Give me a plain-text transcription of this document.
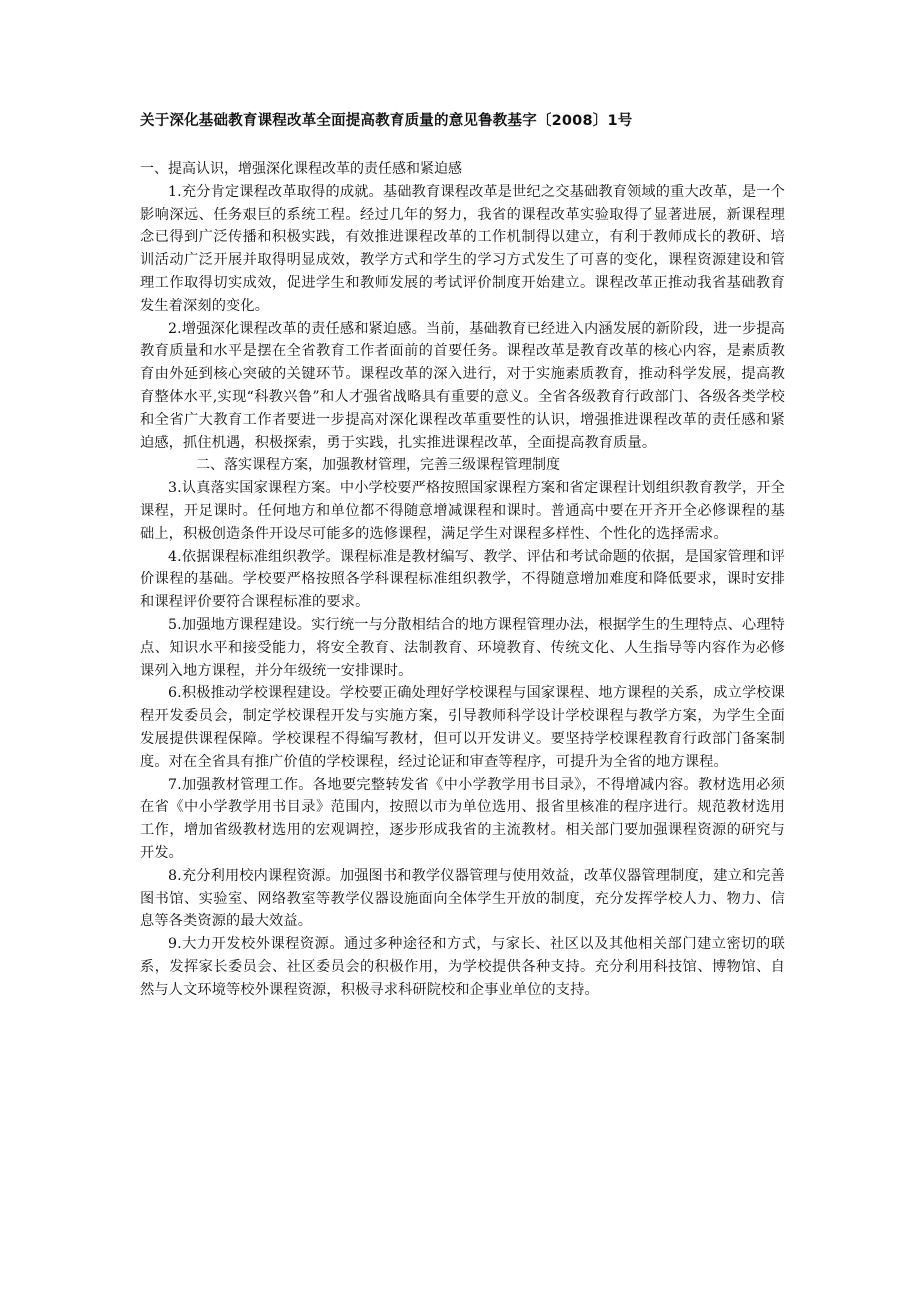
关于深化基础教育课程改革全面提高教育质量的意见鲁教基字〔2008〕1号

一、提高认识，增强深化课程改革的责任感和紧迫感

1.充分肯定课程改革取得的成就。基础教育课程改革是世纪之交基础教育领域的重大改革，是一个影响深远、任务艰巨的系统工程。经过几年的努力，我省的课程改革实验取得了显著进展，新课程理念已得到广泛传播和积极实践，有效推进课程改革的工作机制得以建立，有利于教师成长的教研、培训活动广泛开展并取得明显成效，教学方式和学生的学习方式发生了可喜的变化，课程资源建设和管理工作取得切实成效，促进学生和教师发展的考试评价制度开始建立。课程改革正推动我省基础教育发生着深刻的变化。

2.增强深化课程改革的责任感和紧迫感。当前，基础教育已经进入内涵发展的新阶段，进一步提高教育质量和水平是摆在全省教育工作者面前的首要任务。课程改革是教育改革的核心内容，是素质教育由外延到核心突破的关键环节。课程改革的深入进行，对于实施素质教育，推动科学发展，提高教育整体水平,实现“科教兴鲁”和人才强省战略具有重要的意义。全省各级教育行政部门、各级各类学校和全省广大教育工作者要进一步提高对深化课程改革重要性的认识，增强推进课程改革的责任感和紧迫感，抓住机遇，积极探索，勇于实践，扎实推进课程改革，全面提高教育质量。

二、落实课程方案，加强教材管理，完善三级课程管理制度

3.认真落实国家课程方案。中小学校要严格按照国家课程方案和省定课程计划组织教育教学，开全课程，开足课时。任何地方和单位都不得随意增减课程和课时。普通高中要在开齐开全必修课程的基础上，积极创造条件开设尽可能多的选修课程，满足学生对课程多样性、个性化的选择需求。

4.依据课程标准组织教学。课程标准是教材编写、教学、评估和考试命题的依据，是国家管理和评价课程的基础。学校要严格按照各学科课程标准组织教学，不得随意增加难度和降低要求，课时安排和课程评价要符合课程标准的要求。

5.加强地方课程建设。实行统一与分散相结合的地方课程管理办法，根据学生的生理特点、心理特点、知识水平和接受能力，将安全教育、法制教育、环境教育、传统文化、人生指导等内容作为必修课列入地方课程，并分年级统一安排课时。

6.积极推动学校课程建设。学校要正确处理好学校课程与国家课程、地方课程的关系，成立学校课程开发委员会，制定学校课程开发与实施方案，引导教师科学设计学校课程与教学方案，为学生全面发展提供课程保障。学校课程不得编写教材，但可以开发讲义。要坚持学校课程教育行政部门备案制度。对在全省具有推广价值的学校课程，经过论证和审查等程序，可提升为全省的地方课程。

7.加强教材管理工作。各地要完整转发省《中小学教学用书目录》，不得增减内容。教材选用必须在省《中小学教学用书目录》范围内，按照以市为单位选用、报省里核准的程序进行。规范教材选用工作，增加省级教材选用的宏观调控，逐步形成我省的主流教材。相关部门要加强课程资源的研究与开发。

8.充分利用校内课程资源。加强图书和教学仪器管理与使用效益，改革仪器管理制度，建立和完善图书馆、实验室、网络教室等教学仪器设施面向全体学生开放的制度，充分发挥学校人力、物力、信息等各类资源的最大效益。

9.大力开发校外课程资源。通过多种途径和方式，与家长、社区以及其他相关部门建立密切的联系，发挥家长委员会、社区委员会的积极作用，为学校提供各种支持。充分利用科技馆、博物馆、自然与人文环境等校外课程资源，积极寻求科研院校和企事业单位的支持。
